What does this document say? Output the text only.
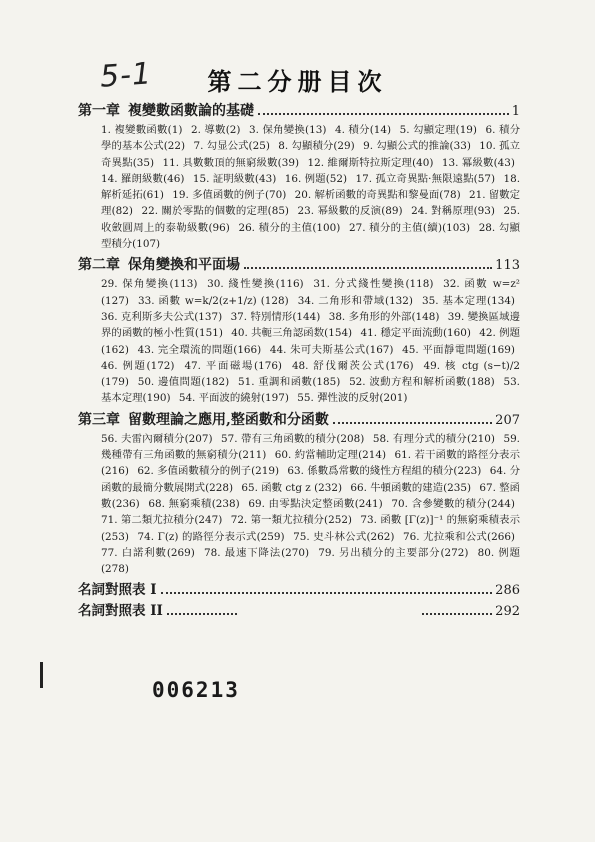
5-1	第二分册目次
第一章 複變數函數論的基礎	1
1. 複變數函數(1) 2. 導數(2) 3. 保角變換(13) 4. 積分(14) 5. 勾顯定理(19) 6. 積分學的基本公式(22) 7. 勾显公式(25) 8. 勾顯積分(29) 9. 勾顯公式的推論(33) 10. 孤立奇異點(35) 11. 具數數頂的無窮級數(39) 12. 維爾斯特拉斯定理(40) 13. 冪級數(43) 14. 羅朗級數(46) 15. 証明級數(43) 16. 例題(52) 17. 孤立奇異點·無限遠點(57) 18. 解析延拓(61) 19. 多值函數的例子(70) 20. 解析函數的奇異點和黎曼面(78) 21. 留數定理(82) 22. 關於零點的個數的定理(85) 23. 幂級數的反演(89) 24. 對稱原理(93) 25. 收斂圓周上的泰勒級數(96) 26. 積分的主值(100) 27. 積分的主值(續)(103) 28. 勾顯型積分(107)
第二章 保角變換和平面場	113
29. 保角變換(113) 30. 綫性變換(116) 31. 分式綫性變換(118) 32. 函數 w=z² (127) 33. 函數 w=k/2(z+1/z) (128) 34. 二角形和帶域(132) 35. 基本定理(134) 36. 克利斯多夫公式(137) 37. 特別情形(144) 38. 多角形的外部(148) 39. 變換區域邊界的函數的極小性質(151) 40. 共軛三角認函数(154) 41. 穩定平面流動(160) 42. 例題(162) 43. 完全環流的問題(166) 44. 朱可夫斯基公式(167) 45. 平面靜電問題(169) 46. 例題(172) 47. 平面磁場(176) 48. 舒伐爾茨公式(176) 49. 核 ctg (s−t)/2 (179) 50. 邊值問題(182) 51. 重調和函數(185) 52. 波動方程和解析函數(188) 53. 基本定理(190) 54. 平面波的繞射(197) 55. 彈性波的反射(201)
第三章 留數理論之應用,整函數和分函數	207
56. 夫雷內爾積分(207) 57. 帶有三角函數的積分(208) 58. 有理分式的積分(210) 59. 幾種帶有三角函數的無窮積分(211) 60. 約當輔助定理(214) 61. 若干函數的路徑分表示(216) 62. 多值函數積分的例子(219) 63. 係數爲常數的綫性方程組的積分(223) 64. 分函數的最簡分數展開式(228) 65. 函數 ctg z (232) 66. 牛頓函數的建造(235) 67. 整函數(236) 68. 無窮乘積(238) 69. 由零點決定整函數(241) 70. 含參變數的積分(244) 71. 第二類尤拉積分(247) 72. 第一類尤拉積分(252) 73. 函數 [Γ(z)]⁻¹ 的無窮乘積表示(253) 74. Γ(z) 的路徑分表示式(259) 75. 史斗林公式(262) 76. 尤拉乘和公式(266) 77. 白諾利數(269) 78. 最速下降法(270) 79. 另出積分的主要部分(272) 80. 例題(278)
名詞對照表 I	286
名詞對照表 II	292
006213
